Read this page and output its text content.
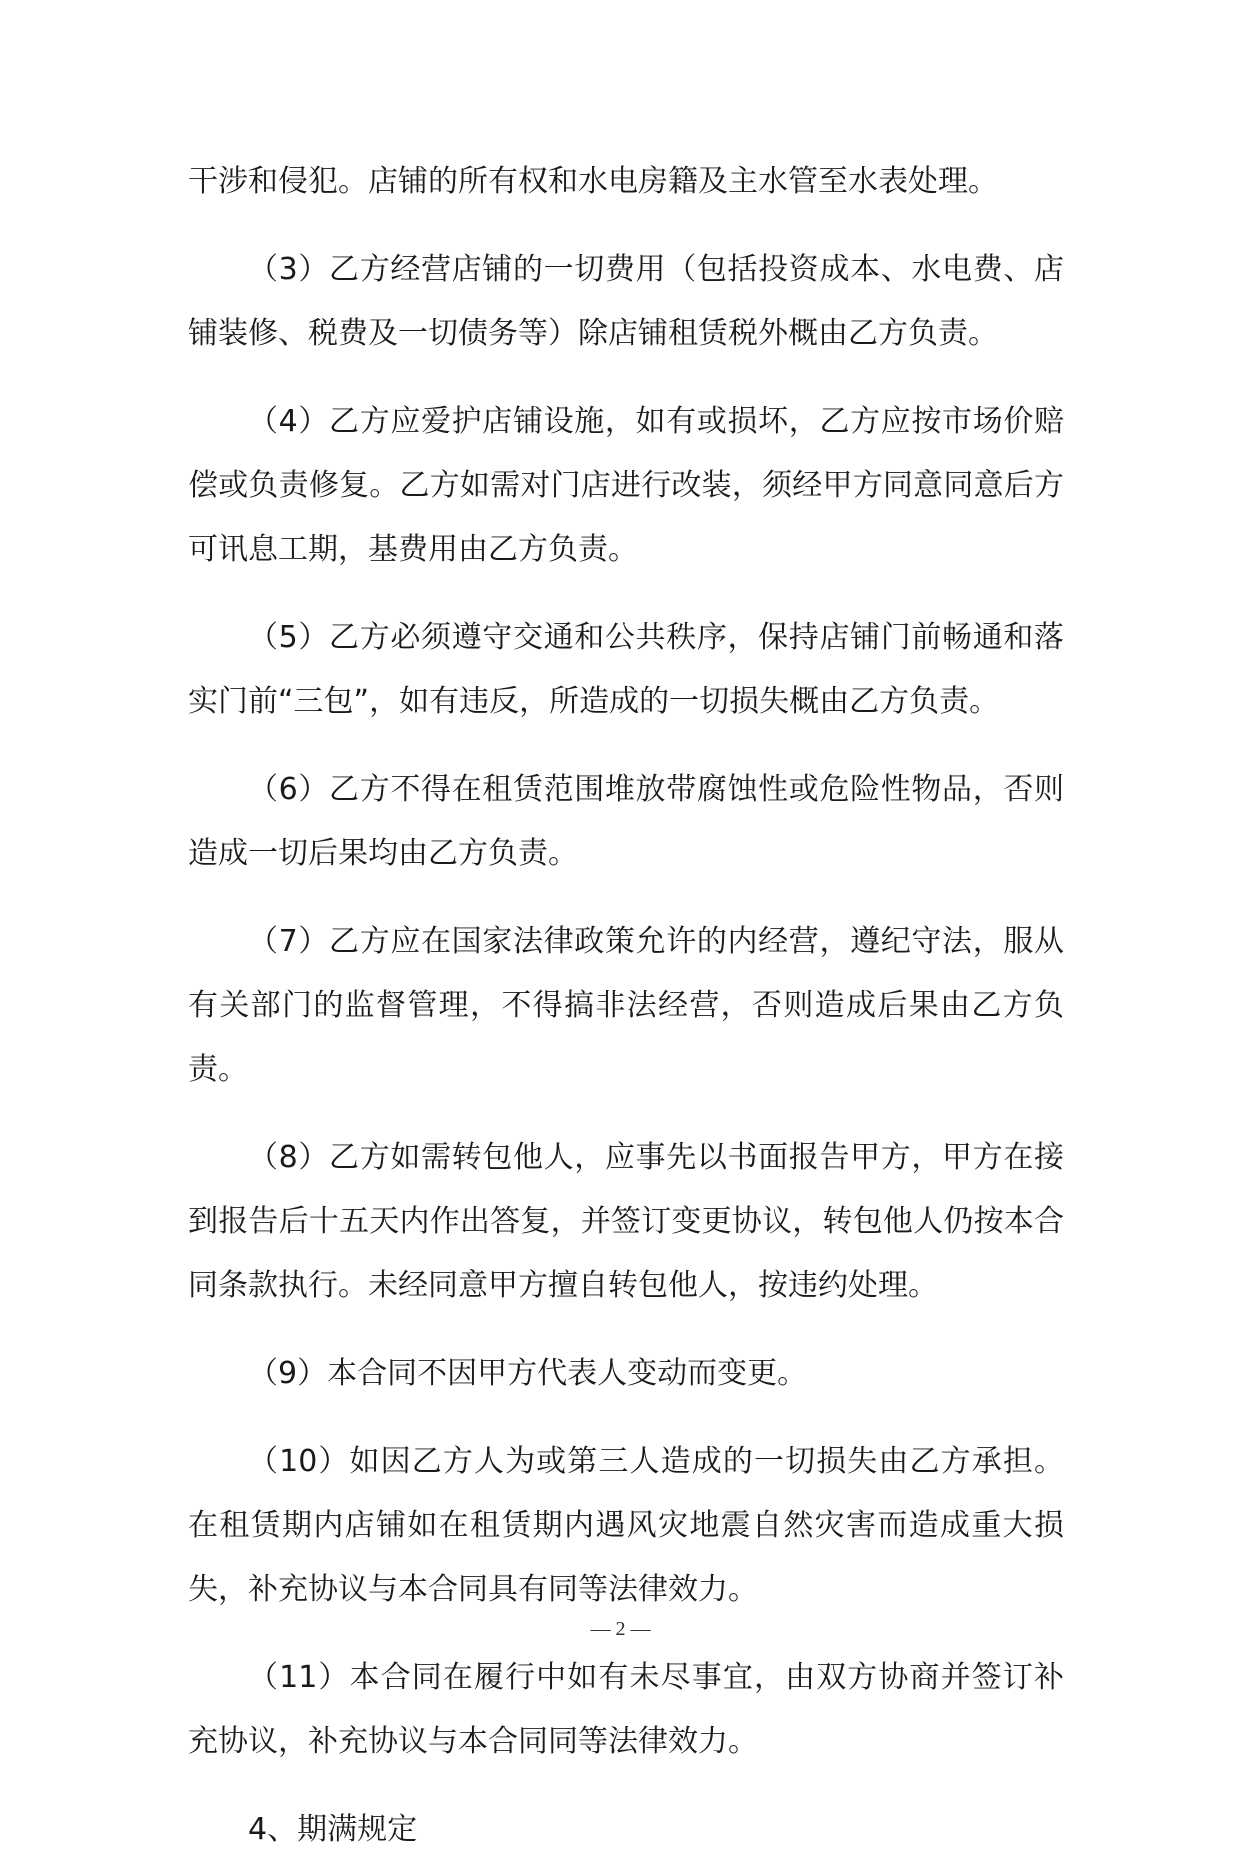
干涉和侵犯。店铺的所有权和水电房籍及主水管至水表处理。

（3）乙方经营店铺的一切费用（包括投资成本、水电费、店铺装修、税费及一切债务等）除店铺租赁税外概由乙方负责。

（4）乙方应爱护店铺设施，如有或损坏，乙方应按市场价赔偿或负责修复。乙方如需对门店进行改装，须经甲方同意同意后方可讯息工期，基费用由乙方负责。

（5）乙方必须遵守交通和公共秩序，保持店铺门前畅通和落实门前“三包”，如有违反，所造成的一切损失概由乙方负责。

（6）乙方不得在租赁范围堆放带腐蚀性或危险性物品，否则造成一切后果均由乙方负责。

（7）乙方应在国家法律政策允许的内经营，遵纪守法，服从有关部门的监督管理，不得搞非法经营，否则造成后果由乙方负责。

（8）乙方如需转包他人，应事先以书面报告甲方，甲方在接到报告后十五天内作出答复，并签订变更协议，转包他人仍按本合同条款执行。未经同意甲方擅自转包他人，按违约处理。

（9）本合同不因甲方代表人变动而变更。

（10）如因乙方人为或第三人造成的一切损失由乙方承担。在租赁期内店铺如在租赁期内遇风灾地震自然灾害而造成重大损失，补充协议与本合同具有同等法律效力。

（11）本合同在履行中如有未尽事宜，由双方协商并签订补充协议，补充协议与本合同同等法律效力。

4、期满规定

— 2 —
